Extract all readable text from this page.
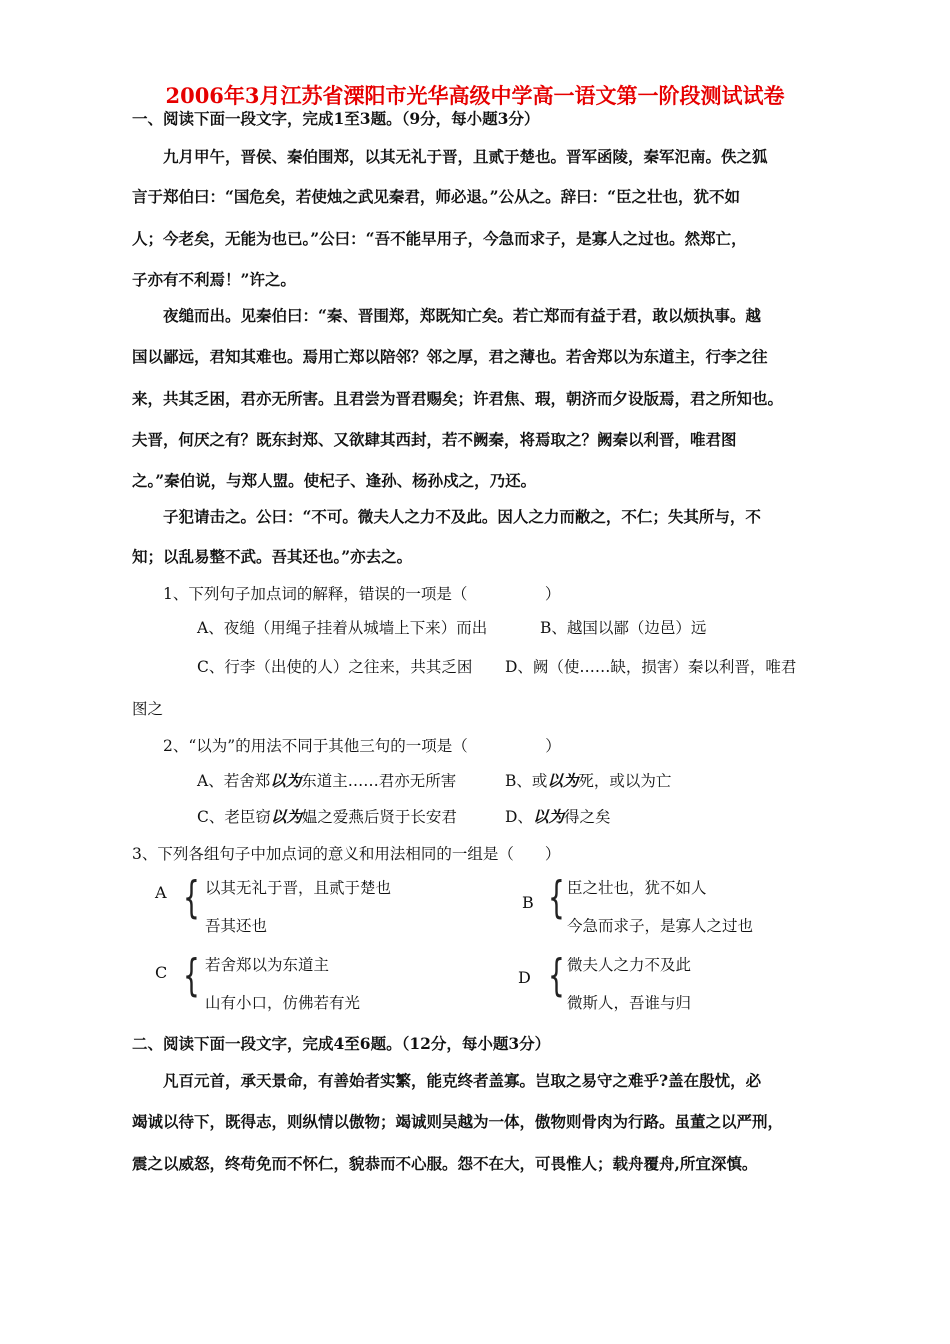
2006年3月江苏省溧阳市光华高级中学高一语文第一阶段测试试卷
一、阅读下面一段文字，完成1至3题。（9分，每小题3分）
九月甲午，晋侯、秦伯围郑，以其无礼于晋，且贰于楚也。晋军函陵，秦军氾南。佚之狐
言于郑伯曰：“国危矣，若使烛之武见秦君，师必退。”公从之。辞曰：“臣之壮也，犹不如
人；今老矣，无能为也已。”公曰：“吾不能早用子，今急而求子，是寡人之过也。然郑亡，
子亦有不利焉！”许之。
夜缒而出。见秦伯曰：“秦、晋围郑，郑既知亡矣。若亡郑而有益于君，敢以烦执事。越
国以鄙远，君知其难也。焉用亡郑以陪邻？邻之厚，君之薄也。若舍郑以为东道主，行李之往
来，共其乏困，君亦无所害。且君尝为晋君赐矣；许君焦、瑕，朝济而夕设版焉，君之所知也。
夫晋，何厌之有？既东封郑、又欲肆其西封，若不阙秦，将焉取之？阙秦以利晋，唯君图
之。”秦伯说，与郑人盟。使杞子、逢孙、杨孙戍之，乃还。
子犯请击之。公曰：“不可。微夫人之力不及此。因人之力而敝之，不仁；失其所与，不
知；以乱易整不武。吾其还也。”亦去之。
1、下列句子加点词的解释，错误的一项是（　　　　　）
A、夜缒（用绳子挂着从城墙上下来）而出	B、越国以鄙（边邑）远
C、行李（出使的人）之往来，共其乏困 D、阙（使……缺，损害）秦以利晋，唯君
图之
2、“以为”的用法不同于其他三句的一项是（　　　　　）
A、若舍郑以为东道主……君亦无所害	B、或以为死，或以为亡
C、老臣窃以为媪之爱燕后贤于长安君	D、以为得之矣
3、下列各组句子中加点词的意义和用法相同的一组是（　　）
A { 以其无礼于晋，且贰于楚也
吾其还也
B { 臣之壮也，犹不如人
今急而求子，是寡人之过也
C { 若舍郑以为东道主
山有小口，仿佛若有光
D { 微夫人之力不及此
微斯人，吾谁与归
二、阅读下面一段文字，完成4至6题。（12分，每小题3分）
凡百元首，承天景命，有善始者实繁，能克终者盖寡。岂取之易守之难乎?盖在殷忧，必
竭诚以待下，既得志，则纵情以傲物；竭诚则吴越为一体，傲物则骨肉为行路。虽董之以严刑，
震之以威怒，终苟免而不怀仁，貌恭而不心服。怨不在大，可畏惟人；载舟覆舟,所宜深慎。
